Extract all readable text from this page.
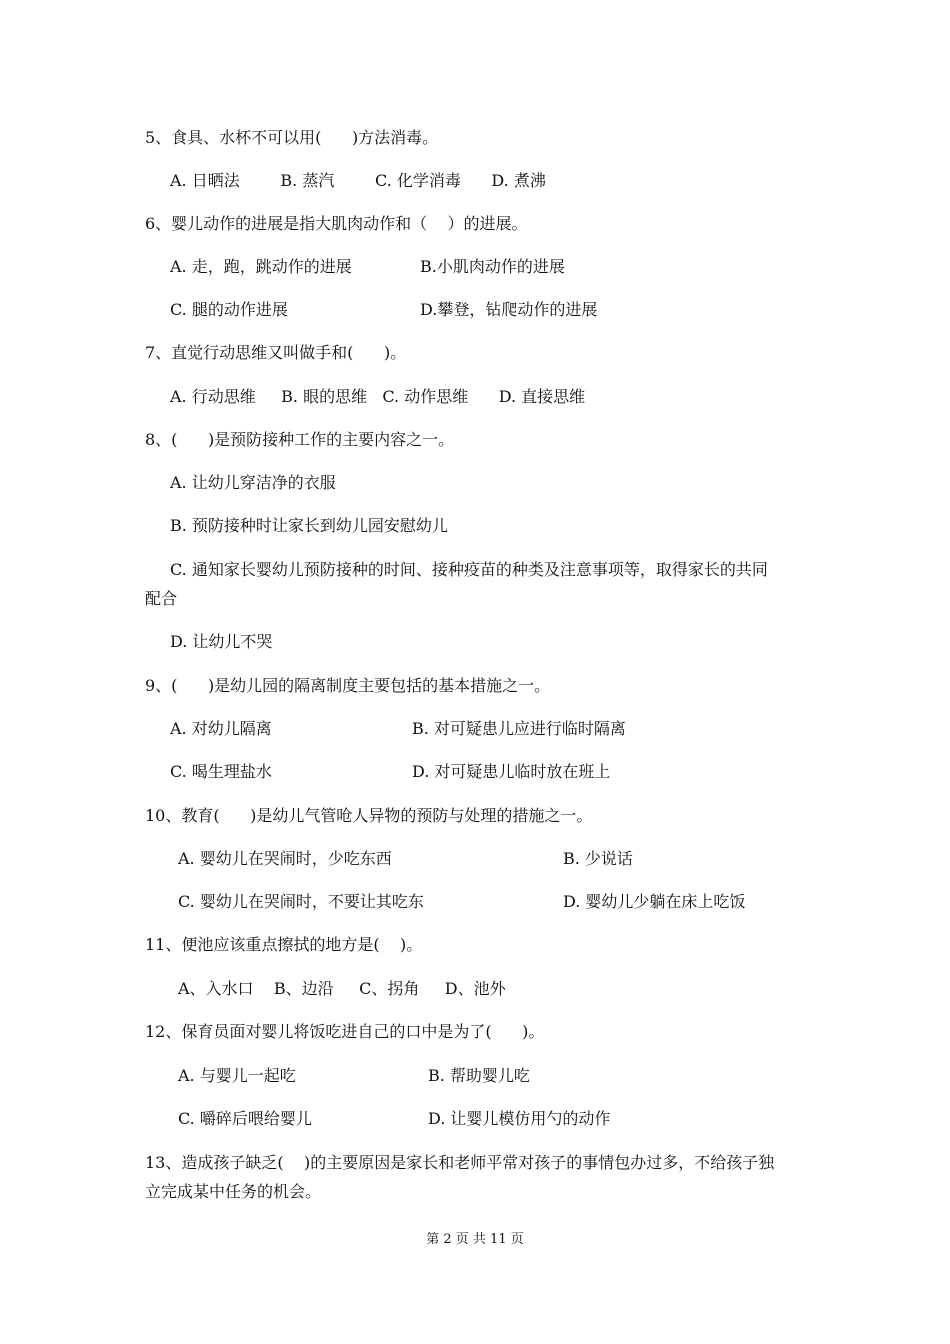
5、食具、水杯不可以用(      )方法消毒。
A. 日晒法        B. 蒸汽        C. 化学消毒      D. 煮沸
6、婴儿动作的进展是指大肌肉动作和（    ）的进展。
A. 走，跑，跳动作的进展	B.小肌肉动作的进展
C. 腿的动作进展	D.攀登，钻爬动作的进展
7、直觉行动思维又叫做手和(      )。
A. 行动思维     B. 眼的思维   C. 动作思维      D. 直接思维
8、(      )是预防接种工作的主要内容之一。
A. 让幼儿穿洁净的衣服
B. 预防接种时让家长到幼儿园安慰幼儿
C. 通知家长婴幼儿预防接种的时间、接种疫苗的种类及注意事项等，取得家长的共同
配合
D. 让幼儿不哭
9、(      )是幼儿园的隔离制度主要包括的基本措施之一。
A. 对幼儿隔离	B. 对可疑患儿应进行临时隔离
C. 喝生理盐水	D. 对可疑患儿临时放在班上
10、教育(      )是幼儿气管呛人异物的预防与处理的措施之一。
A. 婴幼儿在哭闹时，少吃东西	B. 少说话
C. 婴幼儿在哭闹时，不要让其吃东	D. 婴幼儿少躺在床上吃饭
11、便池应该重点擦拭的地方是(    )。
A、入水口    B、边沿     C、拐角     D、池外
12、保育员面对婴儿将饭吃进自己的口中是为了(      )。
A. 与婴儿一起吃	B. 帮助婴儿吃
C. 嚼碎后喂给婴儿	D. 让婴儿模仿用勺的动作
13、造成孩子缺乏(    )的主要原因是家长和老师平常对孩子的事情包办过多，不给孩子独
立完成某中任务的机会。
第 2 页 共 11 页
